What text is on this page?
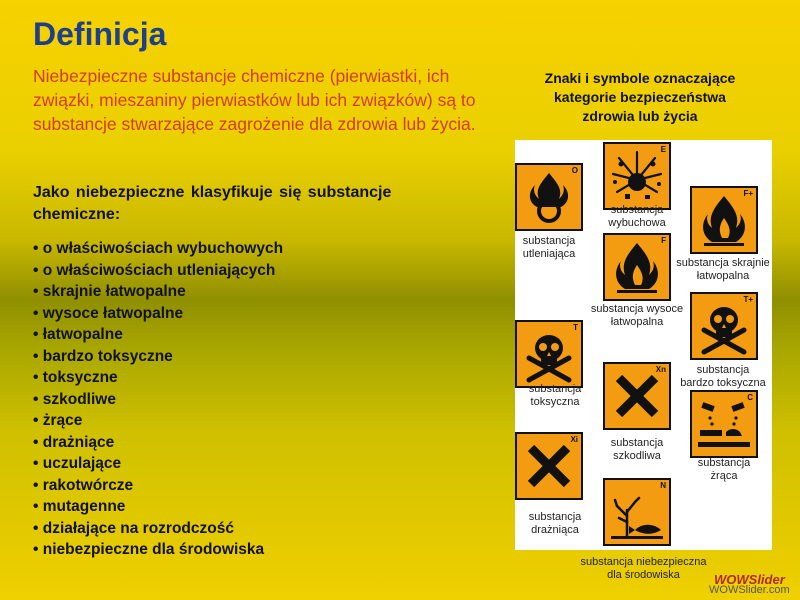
Definicja

Niebezpieczne substancje chemiczne (pierwiastki, ich związki, mieszaniny pierwiastków lub ich związków) są to substancje stwarzające zagrożenie dla zdrowia lub życia.

Jako niebezpieczne klasyfikuje się substancje chemiczne:

• o właściwościach wybuchowych
• o właściwościach utleniających
• skrajnie łatwopalne
• wysoce łatwopalne
• łatwopalne
• bardzo toksyczne
• toksyczne
• szkodliwe
• żrące
• drażniące
• uczulające
• rakotwórcze
• mutagenne
• działające na rozrodczość
• niebezpieczne dla środowiska
Znaki i symbole oznaczające
kategorie bezpieczeństwa
zdrowia lub życia
E
substancja
wybuchowa
O
substancja
utleniająca
F+
substancja skrajnie
łatwopalna
F
substancja wysoce
łatwopalna
T+
substancja
bardzo toksyczna
T
substancja
toksyczna
Xn
substancja
szkodliwa
C
substancja
żrąca
Xi
substancja
drażniąca
N
substancja niebezpieczna
dla środowiska	WOWSlider
WOWSlider.com
